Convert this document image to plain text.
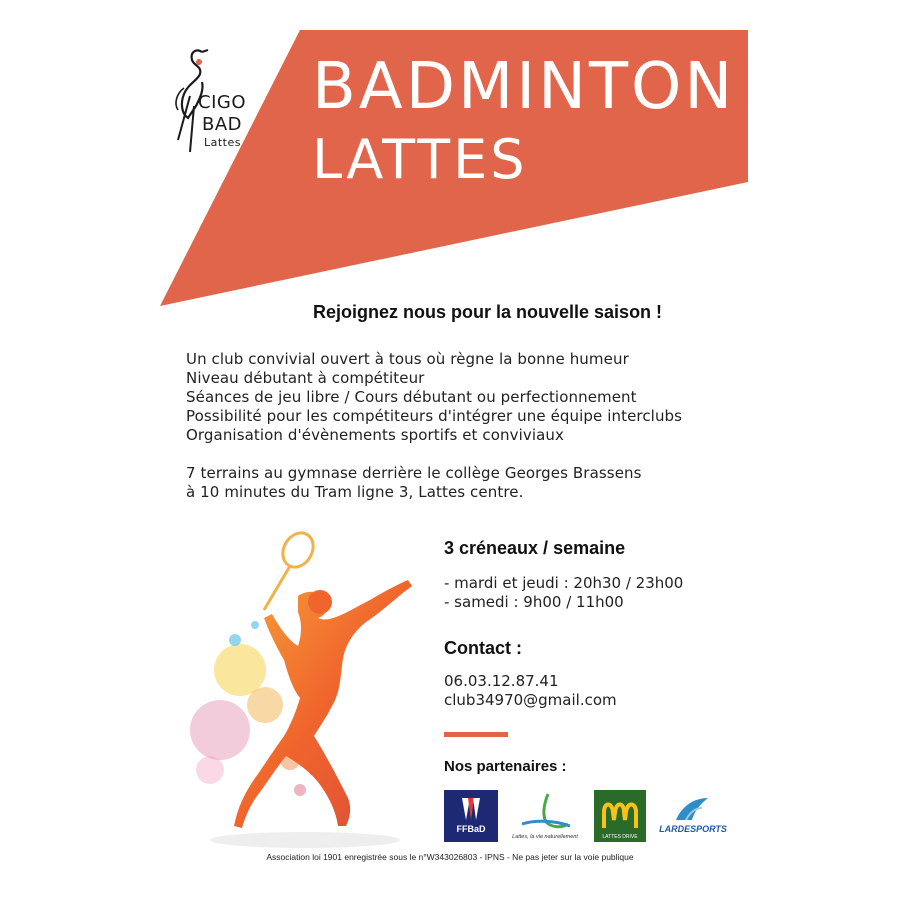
CIGO
BAD
Lattes
BADMINTON
LATTES
Rejoignez nous pour la nouvelle saison !
Un club convivial ouvert à tous où règne la bonne humeur
Niveau débutant à compétiteur
Séances de jeu libre / Cours débutant ou perfectionnement
Possibilité pour les compétiteurs d'intégrer une équipe interclubs
Organisation d'évènements sportifs et conviviaux
7 terrains au gymnase derrière le collège Georges Brassens
à 10 minutes du Tram ligne 3, Lattes centre.
3 créneaux / semaine
- mardi et jeudi : 20h30 / 23h00
- samedi : 9h00 / 11h00
Contact :
06.03.12.87.41
club34970@gmail.com
Nos partenaires :
FFBaD
Lattes, la vie naturellement	LATTES DRIVE
LARDESPORTS
Association loi 1901 enregistrée sous le n°W343026803 - IPNS - Ne pas jeter sur la voie publique
